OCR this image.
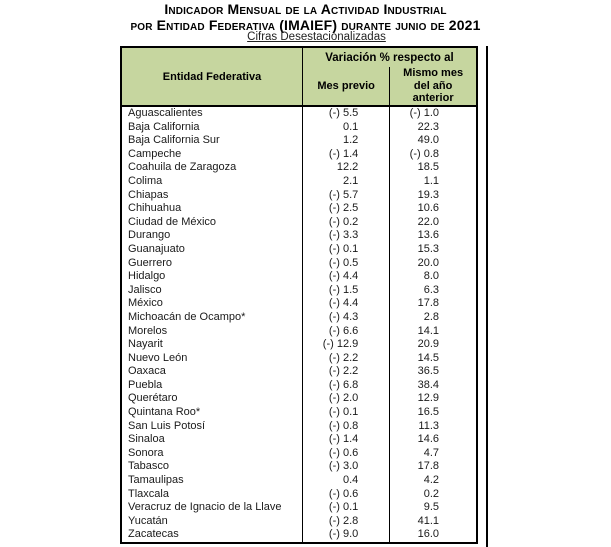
Indicador Mensual de la Actividad Industrial
por Entidad Federativa (IMAIEF) durante junio de 2021
Cifras Desestacionalizadas
Entidad Federativa	Variación % respecto al	
	Mes previo	Mismo mes del año anterior
Aguascalientes	(-) 5.5	(-) 1.0
Baja California	0.1	22.3
Baja California Sur	1.2	49.0
Campeche	(-) 1.4	(-) 0.8
Coahuila de Zaragoza	12.2	18.5
Colima	2.1	1.1
Chiapas	(-) 5.7	19.3
Chihuahua	(-) 2.5	10.6
Ciudad de México	(-) 0.2	22.0
Durango	(-) 3.3	13.6
Guanajuato	(-) 0.1	15.3
Guerrero	(-) 0.5	20.0
Hidalgo	(-) 4.4	8.0
Jalisco	(-) 1.5	6.3
México	(-) 4.4	17.8
Michoacán de Ocampo*	(-) 4.3	2.8
Morelos	(-) 6.6	14.1
Nayarit	(-) 12.9	20.9
Nuevo León	(-) 2.2	14.5
Oaxaca	(-) 2.2	36.5
Puebla	(-) 6.8	38.4
Querétaro	(-) 2.0	12.9
Quintana Roo*	(-) 0.1	16.5
San Luis Potosí	(-) 0.8	11.3
Sinaloa	(-) 1.4	14.6
Sonora	(-) 0.6	4.7
Tabasco	(-) 3.0	17.8
Tamaulipas	0.4	4.2
Tlaxcala	(-) 0.6	0.2
Veracruz de Ignacio de la Llave	(-) 0.1	9.5
Yucatán	(-) 2.8	41.1
Zacatecas	(-) 9.0	16.0
